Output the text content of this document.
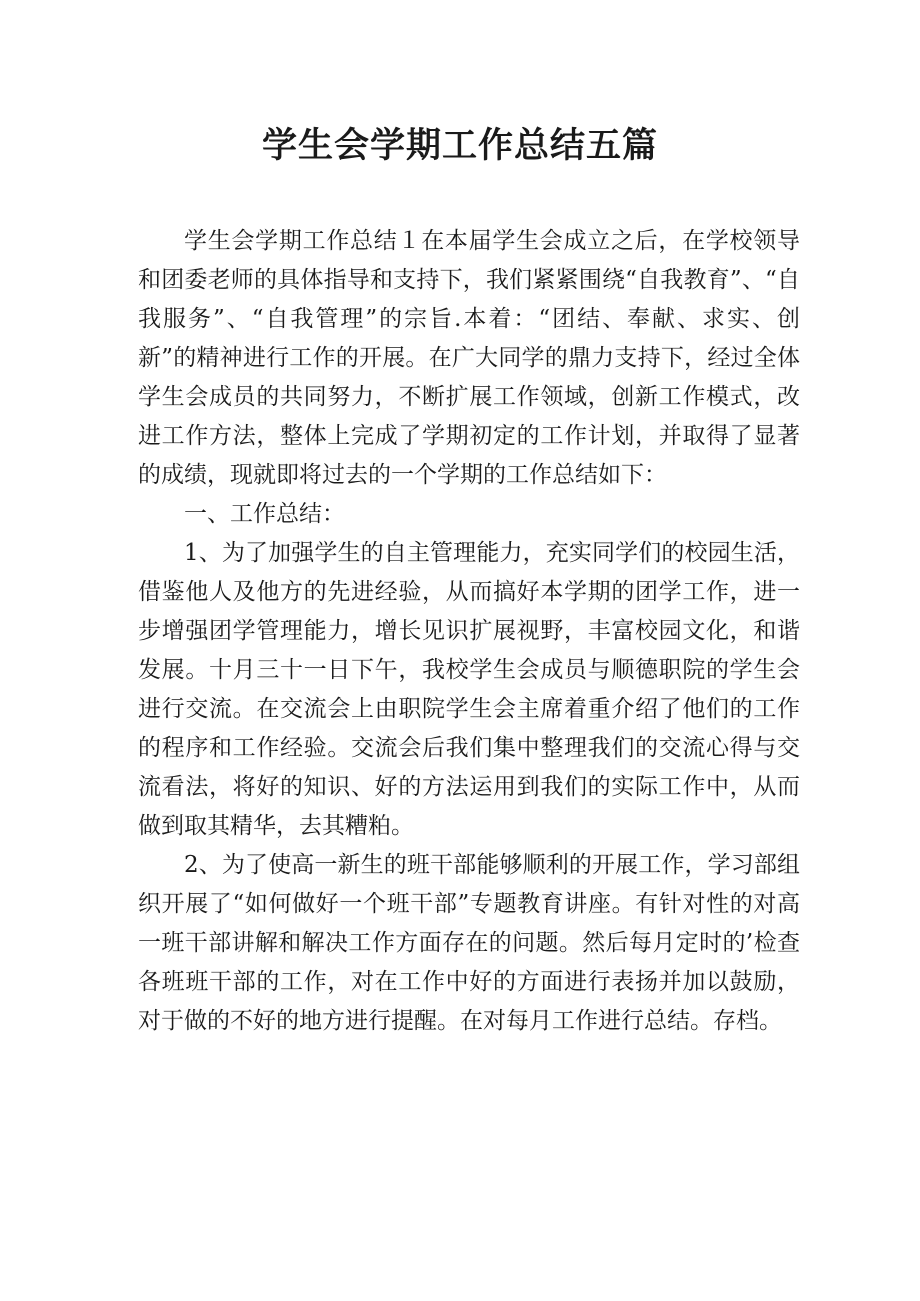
学生会学期工作总结五篇

学生会学期工作总结１在本届学生会成立之后，在学校领导和团委老师的具体指导和支持下，我们紧紧围绕“自我教育”、“自我服务”、“自我管理”的宗旨.本着：“团结、奉献、求实、创新”的精神进行工作的开展。在广大同学的鼎力支持下，经过全体学生会成员的共同努力，不断扩展工作领域，创新工作模式，改进工作方法，整体上完成了学期初定的工作计划，并取得了显著的成绩，现就即将过去的一个学期的工作总结如下：

一、工作总结：

1、为了加强学生的自主管理能力，充实同学们的校园生活，借鉴他人及他方的先进经验，从而搞好本学期的团学工作，进一步增强团学管理能力，增长见识扩展视野，丰富校园文化，和谐发展。十月三十一日下午，我校学生会成员与顺德职院的学生会进行交流。在交流会上由职院学生会主席着重介绍了他们的工作的程序和工作经验。交流会后我们集中整理我们的交流心得与交流看法，将好的知识、好的方法运用到我们的实际工作中，从而做到取其精华，去其糟粕。

2、为了使高一新生的班干部能够顺利的开展工作，学习部组织开展了“如何做好一个班干部”专题教育讲座。有针对性的对高一班干部讲解和解决工作方面存在的问题。然后每月定时的’检查各班班干部的工作，对在工作中好的方面进行表扬并加以鼓励，对于做的不好的地方进行提醒。在对每月工作进行总结。存档。
